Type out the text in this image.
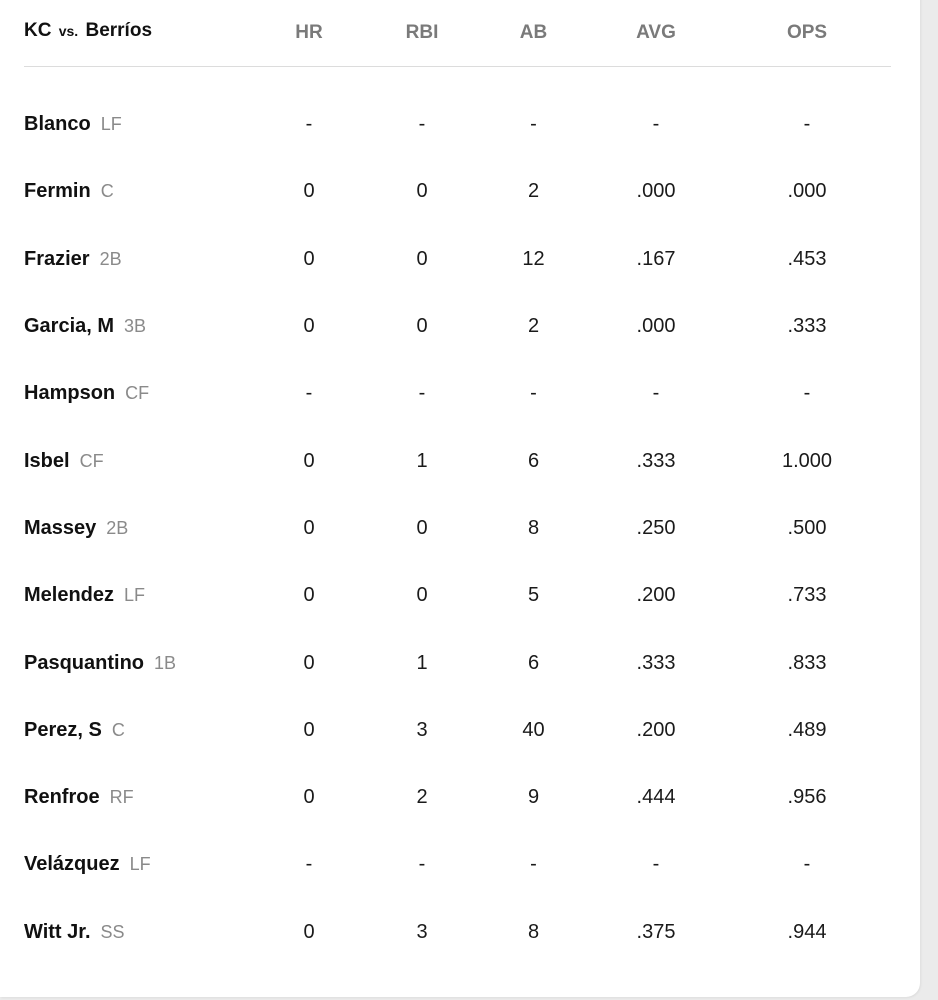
KC vs. Berríos	HR	RBI	AB	AVG	OPS

Blanco LF	-	-	-	-	-
Fermin C	0	0	2	.000	.000
Frazier 2B	0	0	12	.167	.453
Garcia, M 3B	0	0	2	.000	.333
Hampson CF	-	-	-	-	-
Isbel CF	0	1	6	.333	1.000
Massey 2B	0	0	8	.250	.500
Melendez LF	0	0	5	.200	.733
Pasquantino 1B	0	1	6	.333	.833
Perez, S C	0	3	40	.200	.489
Renfroe RF	0	2	9	.444	.956
Velázquez LF	-	-	-	-	-
Witt Jr. SS	0	3	8	.375	.944
